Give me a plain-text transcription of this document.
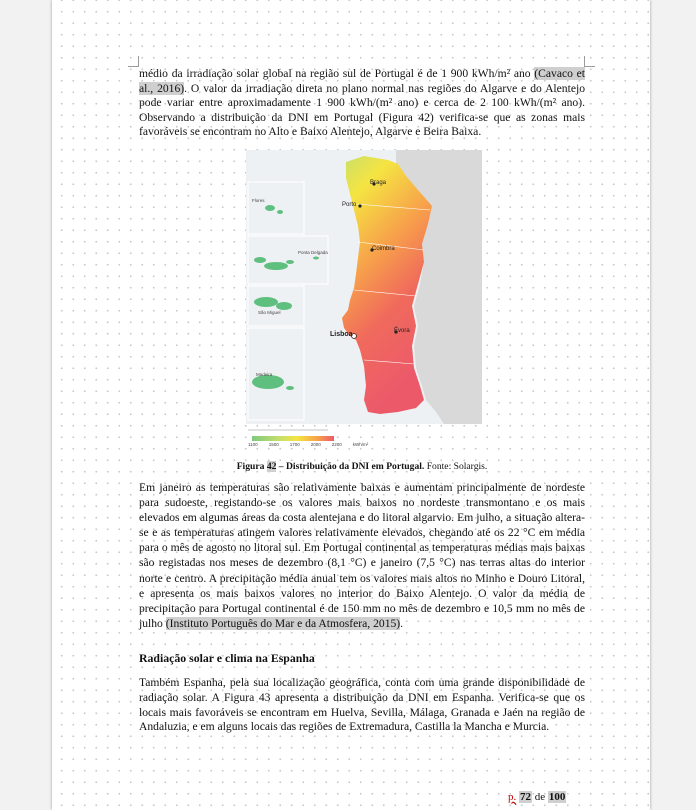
médio da irradiação solar global na região sul de Portugal é de 1 900 kWh/m² ano (Cavaco et al., 2016). O valor da irradiação direta no plano normal nas regiões do Algarve e do Alentejo pode variar entre aproximadamente 1 900 kWh/(m² ano) e cerca de 2 100 kWh/(m² ano). Observando a distribuição da DNI em Portugal (Figura 42) verifica-se que as zonas mais favoráveis se encontram no Alto e Baixo Alentejo, Algarve e Beira Baixa.

Braga
Porto
Coimbra
Lisboa	Évora
Flores
Ponta Delgada
São Miguel
Madeira
1100 1500 1700 2000 2200 kWh/m²
Figura 42 – Distribuição da DNI em Portugal. Fonte: Solargis.

Em janeiro as temperaturas são relativamente baixas e aumentam principalmente de nordeste para sudoeste, registando-se os valores mais baixos no nordeste transmontano e os mais elevados em algumas áreas da costa alentejana e do litoral algarvio. Em julho, a situação altera-se e as temperaturas atingem valores relativamente elevados, chegando até os 22 °C em média para o mês de agosto no litoral sul. Em Portugal continental as temperaturas médias mais baixas são registadas nos meses de dezembro (8,1 °C) e janeiro (7,5 °C) nas terras altas do interior norte e centro. A precipitação média anual tem os valores mais altos no Minho e Douro Litoral, e apresenta os mais baixos valores no interior do Baixo Alentejo. O valor da média de precipitação para Portugal continental é de 150 mm no mês de dezembro e 10,5 mm no mês de julho (Instituto Português do Mar e da Atmosfera, 2015).

Radiação solar e clima na Espanha

Também Espanha, pela sua localização geográfica, conta com uma grande disponibilidade de radiação solar. A Figura 43 apresenta a distribuição da DNI em Espanha. Verifica-se que os locais mais favoráveis se encontram em Huelva, Sevilla, Málaga, Granada e Jaén na região de Andaluzia, e em alguns locais das regiões de Extremadura, Castilla la Mancha e Murcia.

p. 72 de 100
